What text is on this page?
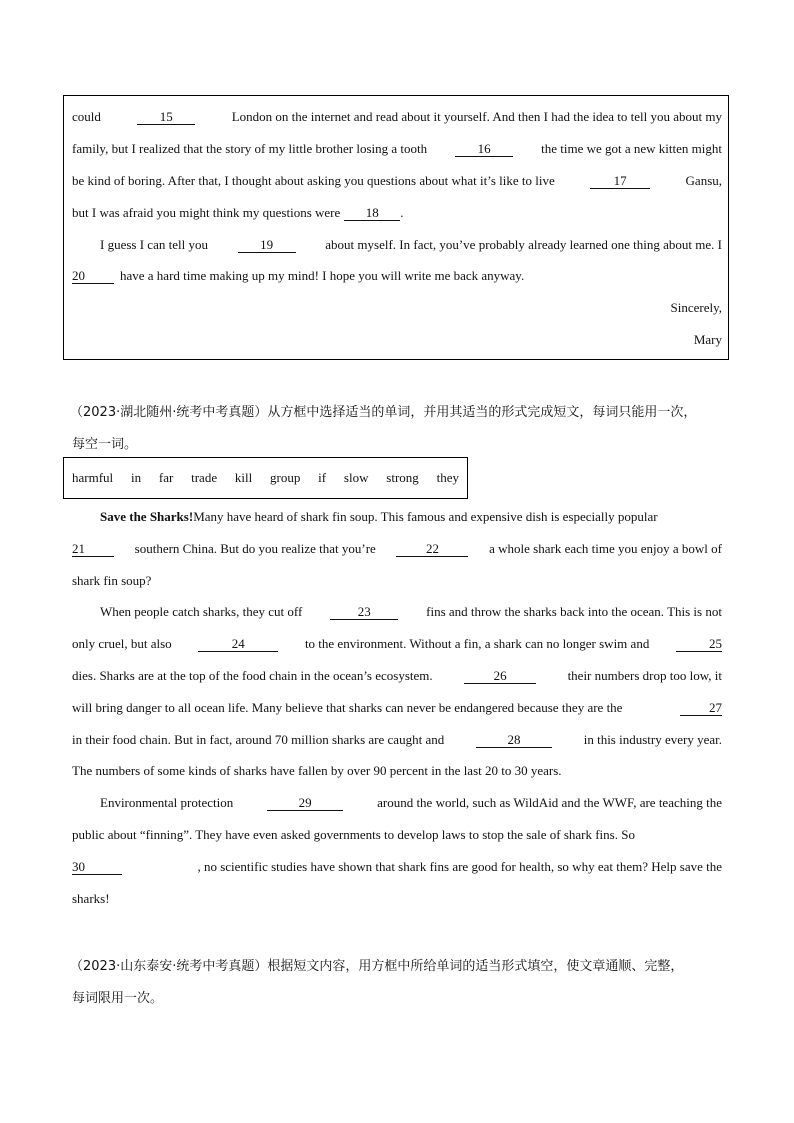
could	15	London on the internet and read about it yourself. And then I had the idea to tell you about my
family, but I realized that the story of my little brother losing a tooth	16	the time we got a new kitten might
be kind of boring. After that, I thought about asking you questions about what it’s like to live	17	Gansu,
but I was afraid you might think my questions were	18	.
I guess I can tell you	19	about myself. In fact, you’ve probably already learned one thing about me. I
20	have a hard time making up my mind! I hope you will write me back anyway.
Sincerely,
Mary
（2023·湖北随州·统考中考真题）从方框中选择适当的单词，并用其适当的形式完成短文，每词只能用一次，
每空一词。
harmful in far trade kill group if slow strong they
Save the Sharks!Many have heard of shark fin soup. This famous and expensive dish is especially popular
21	southern China. But do you realize that you’re	22	a whole shark each time you enjoy a bowl of
shark fin soup?
When people catch sharks, they cut off	23	fins and throw the sharks back into the ocean. This is not
only cruel, but also	24	to the environment. Without a fin, a shark can no longer swim and	25
dies. Sharks are at the top of the food chain in the ocean’s ecosystem.	26	their numbers drop too low, it
will bring danger to all ocean life. Many believe that sharks can never be endangered because they are the	27
in their food chain. But in fact, around 70 million sharks are caught and	28	in this industry every year.
The numbers of some kinds of sharks have fallen by over 90 percent in the last 20 to 30 years.
Environmental protection	29	around the world, such as WildAid and the WWF, are teaching the
public about “finning”. They have even asked governments to develop laws to stop the sale of shark fins. So
30	, no scientific studies have shown that shark fins are good for health, so why eat them? Help save the
sharks!
（2023·山东泰安·统考中考真题）根据短文内容，用方框中所给单词的适当形式填空，使文章通顺、完整，
每词限用一次。
